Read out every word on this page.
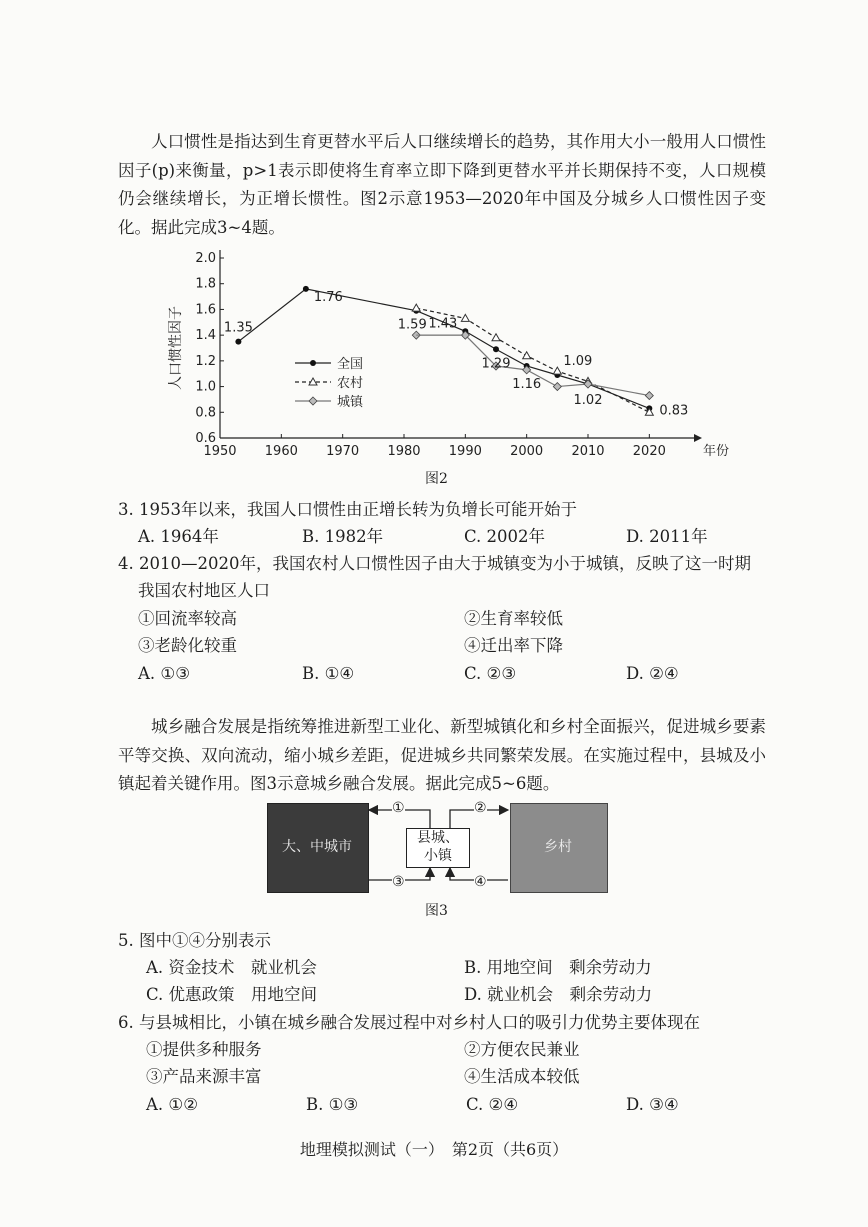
人口惯性是指达到生育更替水平后人口继续增长的趋势，其作用大小一般用人口惯性因子(p)来衡量，p>1表示即使将生育率立即下降到更替水平并长期保持不变，人口规模仍会继续增长，为正增长惯性。图2示意1953—2020年中国及分城乡人口惯性因子变化。据此完成3~4题。

1950 1960 1970 1980 1990 2000 2010 2020	年份
0.6
0.8
1.0
1.2
1.4
1.6
1.8
2.0
人口惯性因子
1.76
1.35	1.59 1.43
1.29
1.16
1.09
1.02
0.83
全国
农村
城镇
图2
3. 1953年以来，我国人口惯性由正增长转为负增长可能开始于
A. 1964年	B. 1982年	C. 2002年	D. 2011年
4. 2010—2020年，我国农村人口惯性因子由大于城镇变为小于城镇，反映了这一时期
我国农村地区人口
①回流率较高	②生育率较低
③老龄化较重	④迁出率下降
A. ①③	B. ①④	C. ②③	D. ②④

城乡融合发展是指统筹推进新型工业化、新型城镇化和乡村全面振兴，促进城乡要素平等交换、双向流动，缩小城乡差距，促进城乡共同繁荣发展。在实施过程中，县城及小镇起着关键作用。图3示意城乡融合发展。据此完成5~6题。

大、中城市	乡村
县城、
小镇
①	②
③	④
图3
5. 图中①④分别表示
A. 资金技术　就业机会	B. 用地空间　剩余劳动力
C. 优惠政策　用地空间	D. 就业机会　剩余劳动力
6. 与县城相比，小镇在城乡融合发展过程中对乡村人口的吸引力优势主要体现在
①提供多种服务	②方便农民兼业
③产品来源丰富	④生活成本较低
A. ①②	B. ①③	C. ②④	D. ③④
地理模拟测试（一）　第2页（共6页）
